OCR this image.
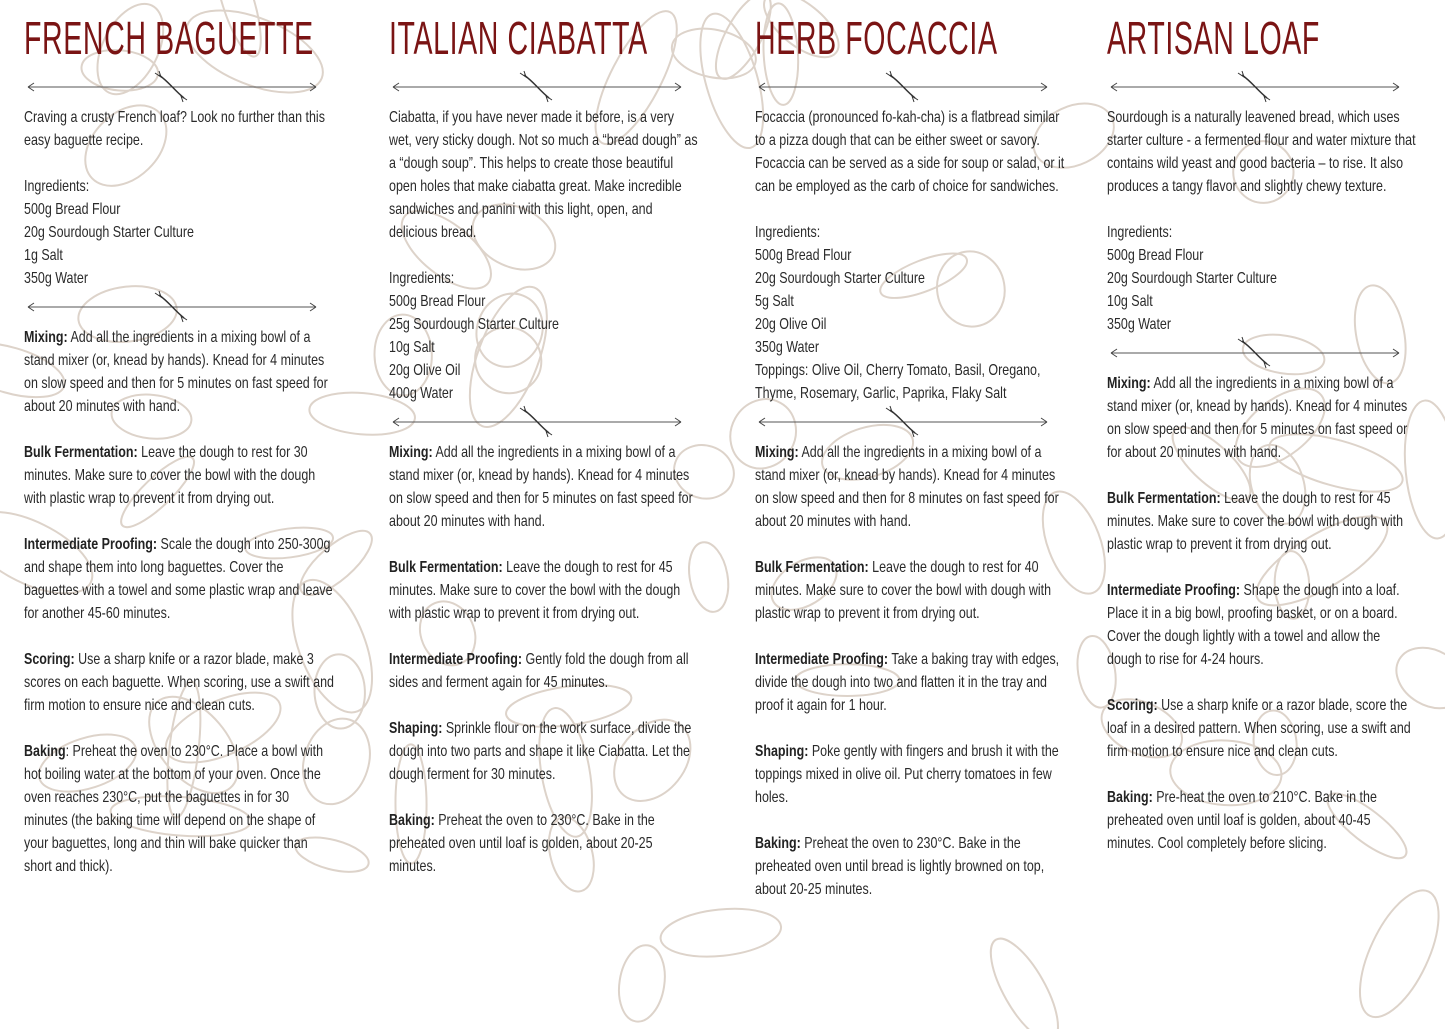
FRENCH BAGUETTE
Craving a crusty French loaf? Look no further than this easy baguette recipe.
Ingredients:
500g Bread Flour
20g Sourdough Starter Culture
1g Salt
350g Water
Mixing: Add all the ingredients in a mixing bowl of a stand mixer (or, knead by hands). Knead for 4 minutes on slow speed and then for 5 minutes on fast speed for about 20 minutes with hand.
Bulk Fermentation: Leave the dough to rest for 30 minutes. Make sure to cover the bowl with the dough with plastic wrap to prevent it from drying out.
Intermediate Proofing: Scale the dough into 250-300g and shape them into long baguettes. Cover the baguettes with a towel and some plastic wrap and leave for another 45-60 minutes.
Scoring: Use a sharp knife or a razor blade, make 3 scores on each baguette. When scoring, use a swift and firm motion to ensure nice and clean cuts.
Baking: Preheat the oven to 230°C. Place a bowl with hot boiling water at the bottom of your oven. Once the oven reaches 230°C, put the baguettes in for 30 minutes (the baking time will depend on the shape of your baguettes, long and thin will bake quicker than short and thick).
ITALIAN CIABATTA
Ciabatta, if you have never made it before, is a very wet, very sticky dough. Not so much a “bread dough” as a “dough soup”. This helps to create those beautiful open holes that make ciabatta great. Make incredible sandwiches and panini with this light, open, and delicious bread.
Ingredients:
500g Bread Flour
25g Sourdough Starter Culture
10g Salt
20g Olive Oil
400g Water
Mixing: Add all the ingredients in a mixing bowl of a stand mixer (or, knead by hands). Knead for 4 minutes on slow speed and then for 5 minutes on fast speed for about 20 minutes with hand.
Bulk Fermentation: Leave the dough to rest for 45 minutes. Make sure to cover the bowl with the dough with plastic wrap to prevent it from drying out.
Intermediate Proofing: Gently fold the dough from all sides and ferment again for 45 minutes.
Shaping: Sprinkle flour on the work surface, divide the dough into two parts and shape it like Ciabatta. Let the dough ferment for 30 minutes.
Baking: Preheat the oven to 230°C. Bake in the preheated oven until loaf is golden, about 20-25 minutes.
HERB FOCACCIA
Focaccia (pronounced fo-kah-cha) is a flatbread similar to a pizza dough that can be either sweet or savory. Focaccia can be served as a side for soup or salad, or it can be employed as the carb of choice for sandwiches.
Ingredients:
500g Bread Flour
20g Sourdough Starter Culture
5g Salt
20g Olive Oil
350g Water
Toppings: Olive Oil, Cherry Tomato, Basil, Oregano, Thyme, Rosemary, Garlic, Paprika, Flaky Salt
Mixing: Add all the ingredients in a mixing bowl of a stand mixer (or, knead by hands). Knead for 4 minutes on slow speed and then for 8 minutes on fast speed for about 20 minutes with hand.
Bulk Fermentation: Leave the dough to rest for 40 minutes. Make sure to cover the bowl with dough with plastic wrap to prevent it from drying out.
Intermediate Proofing: Take a baking tray with edges, divide the dough into two and flatten it in the tray and proof it again for 1 hour.
Shaping: Poke gently with fingers and brush it with the toppings mixed in olive oil. Put cherry tomatoes in few holes.
Baking: Preheat the oven to 230°C. Bake in the preheated oven until bread is lightly browned on top, about 20-25 minutes.
ARTISAN LOAF
Sourdough is a naturally leavened bread, which uses starter culture - a fermented flour and water mixture that contains wild yeast and good bacteria – to rise. It also produces a tangy flavor and slightly chewy texture.
Ingredients:
500g Bread Flour
20g Sourdough Starter Culture
10g Salt
350g Water
Mixing: Add all the ingredients in a mixing bowl of a stand mixer (or, knead by hands). Knead for 4 minutes on slow speed and then for 5 minutes on fast speed or for about 20 minutes with hand.
Bulk Fermentation: Leave the dough to rest for 45 minutes. Make sure to cover the bowl with dough with plastic wrap to prevent it from drying out.
Intermediate Proofing: Shape the dough into a loaf. Place it in a big bowl, proofing basket, or on a board. Cover the dough lightly with a towel and allow the dough to rise for 4-24 hours.
Scoring: Use a sharp knife or a razor blade, score the loaf in a desired pattern. When scoring, use a swift and firm motion to ensure nice and clean cuts.
Baking: Pre-heat the oven to 210°C. Bake in the preheated oven until loaf is golden, about 40-45 minutes. Cool completely before slicing.
